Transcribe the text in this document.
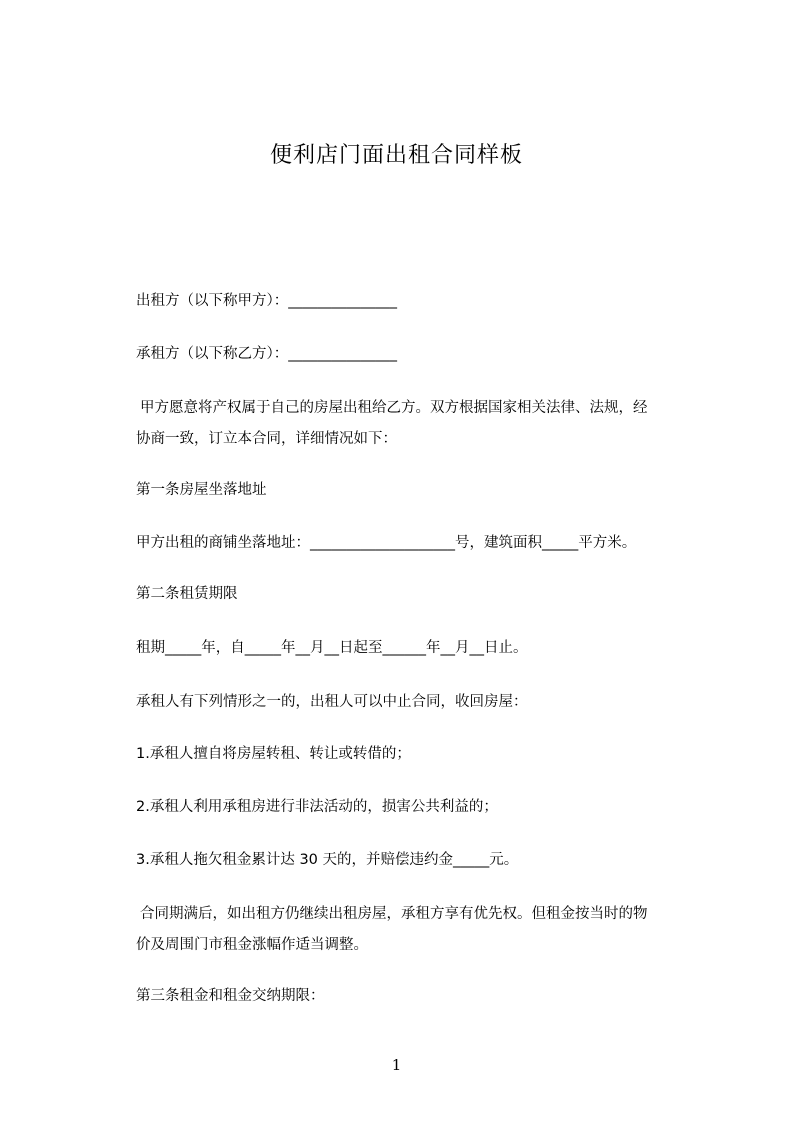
便利店门面出租合同样板
出租方（以下称甲方）：_______________
承租方（以下称乙方）：_______________
甲方愿意将产权属于自己的房屋出租给乙方。双方根据国家相关法律、法规，经
协商一致，订立本合同，详细情况如下：
第一条房屋坐落地址
甲方出租的商铺坐落地址：____________________号，建筑面积_____平方米。
第二条租赁期限
租期_____年，自_____年__月__日起至______年__月__日止。
承租人有下列情形之一的，出租人可以中止合同，收回房屋：
1.承租人擅自将房屋转租、转让或转借的；
2.承租人利用承租房进行非法活动的，损害公共利益的；
3.承租人拖欠租金累计达 30 天的，并赔偿违约金_____元。
合同期满后，如出租方仍继续出租房屋，承租方享有优先权。但租金按当时的物
价及周围门市租金涨幅作适当调整。
第三条租金和租金交纳期限：
1
